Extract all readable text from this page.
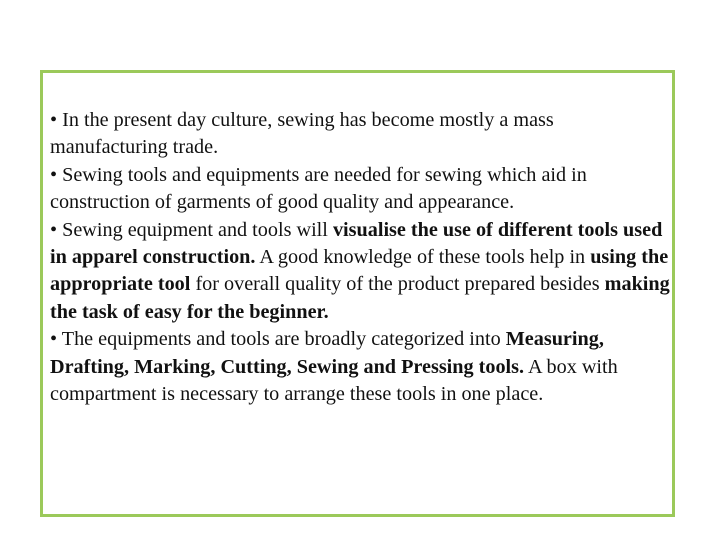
• In the present day culture, sewing has become mostly a mass manufacturing trade.

• Sewing tools and equipments are needed for sewing which aid in construction of garments of good quality and appearance.

• Sewing equipment and tools will visualise the use of different tools used in apparel construction. A good knowledge of these tools help in using the appropriate tool for overall quality of the product prepared besides making the task of easy for the beginner.

• The equipments and tools are broadly categorized into Measuring, Drafting, Marking, Cutting, Sewing and Pressing tools. A box with compartment is necessary to arrange these tools in one place.
